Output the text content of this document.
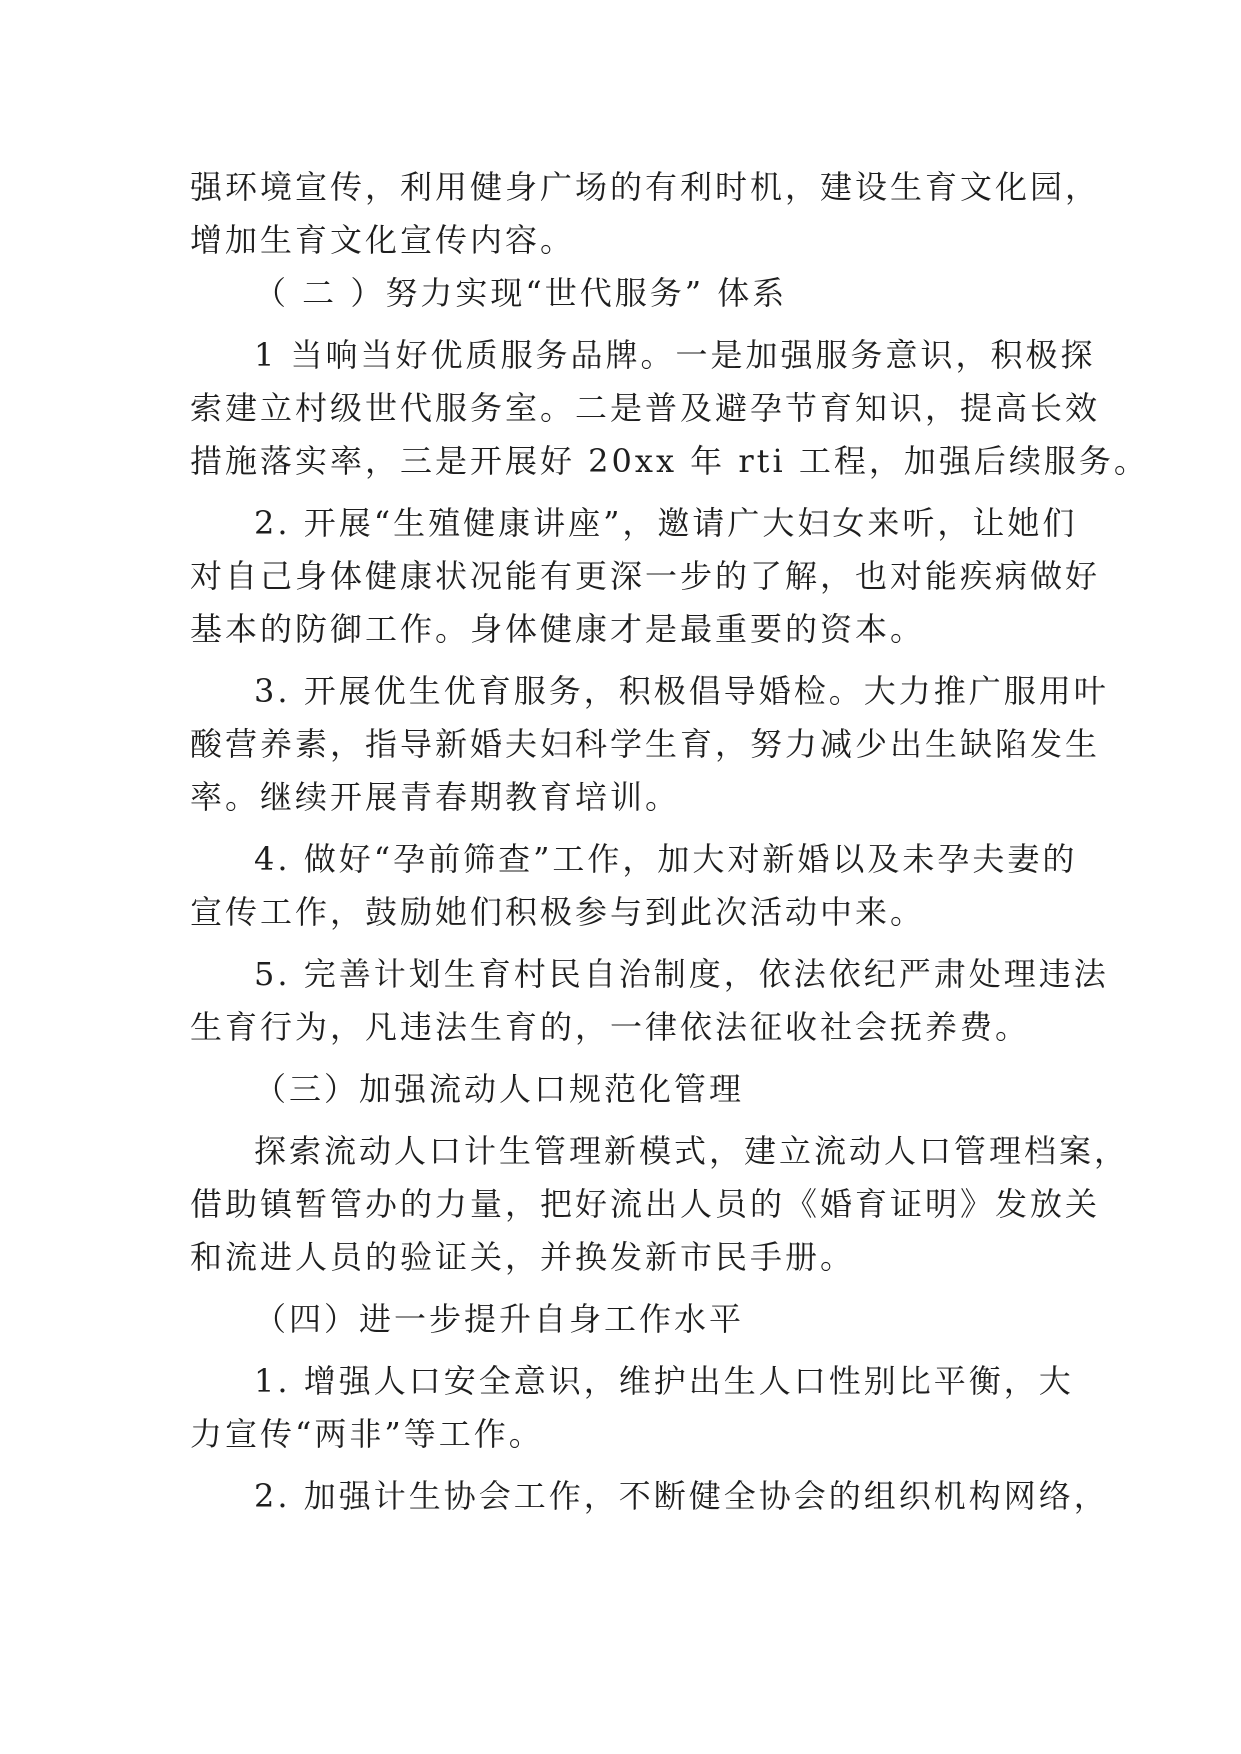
强环境宣传，利用健身广场的有利时机，建设生育文化园，
增加生育文化宣传内容。
（ 二 ）努力实现“世代服务” 体系
1 当响当好优质服务品牌。一是加强服务意识，积极探
索建立村级世代服务室。二是普及避孕节育知识，提高长效
措施落实率，三是开展好 20xx 年 rti 工程，加强后续服务。
2. 开展“生殖健康讲座”，邀请广大妇女来听，让她们
对自己身体健康状况能有更深一步的了解，也对能疾病做好
基本的防御工作。身体健康才是最重要的资本。
3. 开展优生优育服务，积极倡导婚检。大力推广服用叶
酸营养素，指导新婚夫妇科学生育，努力减少出生缺陷发生
率。继续开展青春期教育培训。
4. 做好“孕前筛查”工作，加大对新婚以及未孕夫妻的
宣传工作，鼓励她们积极参与到此次活动中来。
5. 完善计划生育村民自治制度，依法依纪严肃处理违法
生育行为，凡违法生育的，一律依法征收社会抚养费。
（三）加强流动人口规范化管理
探索流动人口计生管理新模式，建立流动人口管理档案，
借助镇暂管办的力量，把好流出人员的《婚育证明》发放关
和流进人员的验证关，并换发新市民手册。
（四）进一步提升自身工作水平
1. 增强人口安全意识，维护出生人口性别比平衡，大
力宣传“两非”等工作。
2. 加强计生协会工作，不断健全协会的组织机构网络，
